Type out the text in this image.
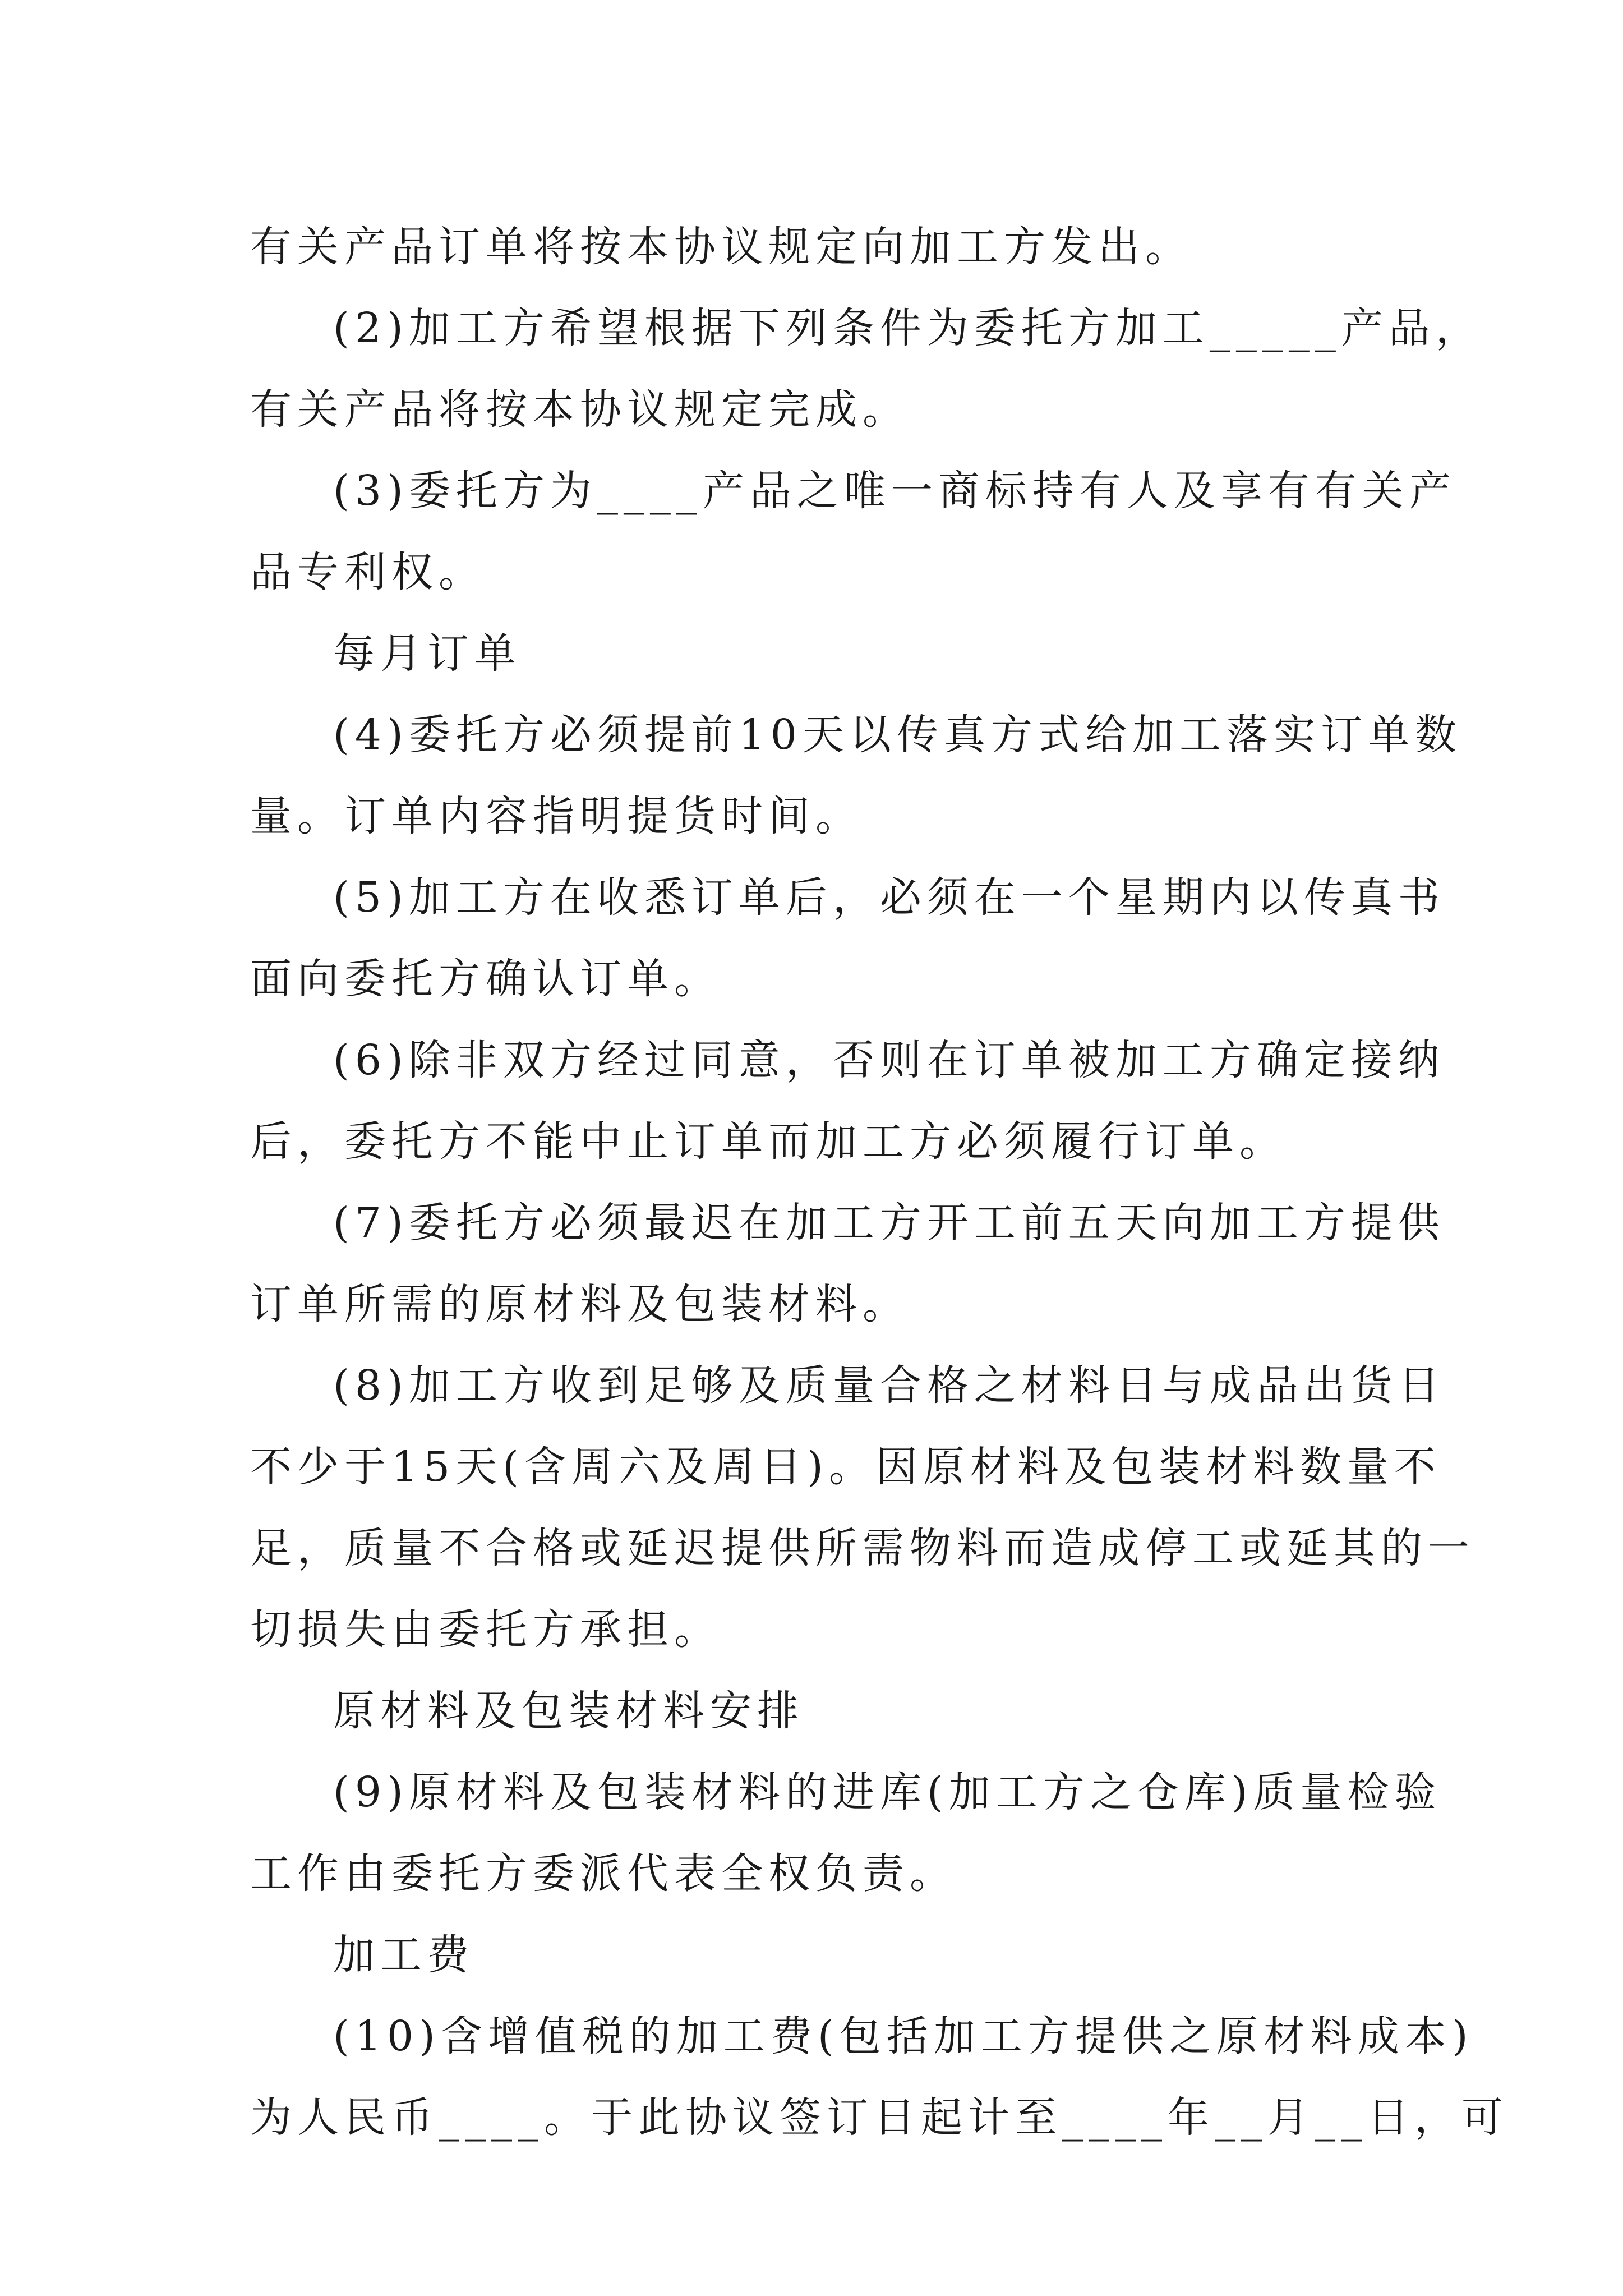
有关产品订单将按本协议规定向加工方发出。
(2)加工方希望根据下列条件为委托方加工_____产品，
有关产品将按本协议规定完成。
(3)委托方为____产品之唯一商标持有人及享有有关产
品专利权。
每月订单
(4)委托方必须提前10天以传真方式给加工落实订单数
量。订单内容指明提货时间。
(5)加工方在收悉订单后，必须在一个星期内以传真书
面向委托方确认订单。
(6)除非双方经过同意，否则在订单被加工方确定接纳
后，委托方不能中止订单而加工方必须履行订单。
(7)委托方必须最迟在加工方开工前五天向加工方提供
订单所需的原材料及包装材料。
(8)加工方收到足够及质量合格之材料日与成品出货日
不少于15天(含周六及周日)。因原材料及包装材料数量不
足，质量不合格或延迟提供所需物料而造成停工或延其的一
切损失由委托方承担。
原材料及包装材料安排
(9)原材料及包装材料的进库(加工方之仓库)质量检验
工作由委托方委派代表全权负责。
加工费
(10)含增值税的加工费(包括加工方提供之原材料成本)
为人民币____。于此协议签订日起计至____年__月__日，可
